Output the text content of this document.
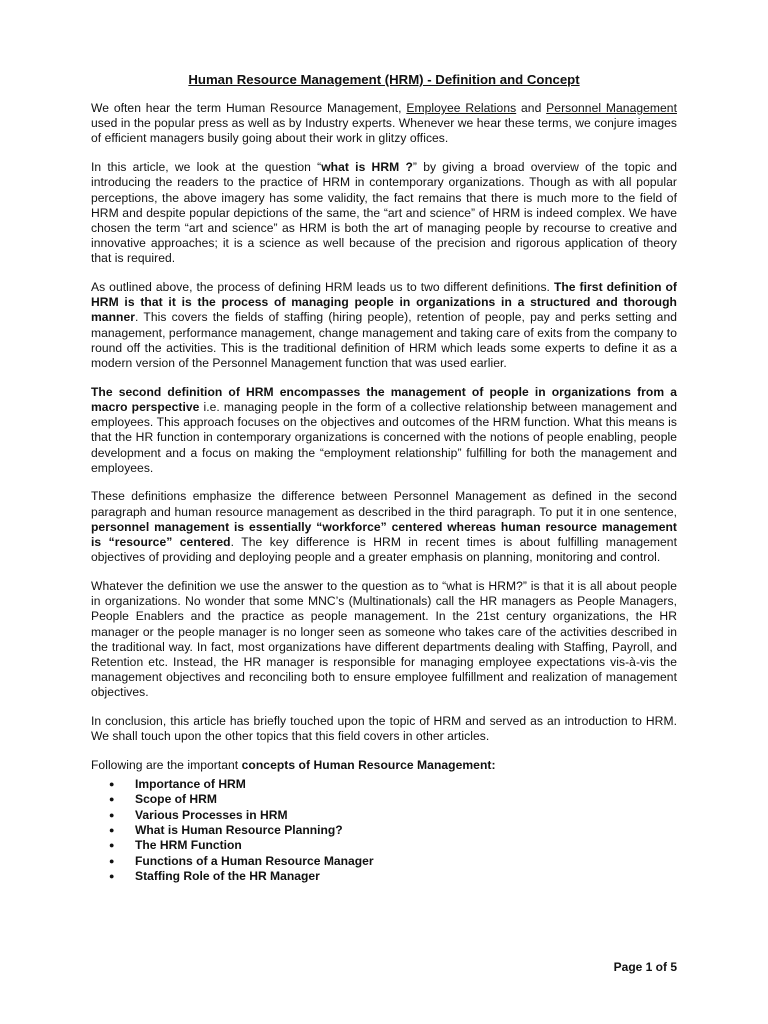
Human Resource Management (HRM) - Definition and Concept

We often hear the term Human Resource Management, Employee Relations and Personnel Management used in the popular press as well as by Industry experts. Whenever we hear these terms, we conjure images of efficient managers busily going about their work in glitzy offices.

In this article, we look at the question “what is HRM ?” by giving a broad overview of the topic and introducing the readers to the practice of HRM in contemporary organizations. Though as with all popular perceptions, the above imagery has some validity, the fact remains that there is much more to the field of HRM and despite popular depictions of the same, the “art and science” of HRM is indeed complex. We have chosen the term “art and science” as HRM is both the art of managing people by recourse to creative and innovative approaches; it is a science as well because of the precision and rigorous application of theory that is required.

As outlined above, the process of defining HRM leads us to two different definitions. The first definition of HRM is that it is the process of managing people in organizations in a structured and thorough manner. This covers the fields of staffing (hiring people), retention of people, pay and perks setting and management, performance management, change management and taking care of exits from the company to round off the activities. This is the traditional definition of HRM which leads some experts to define it as a modern version of the Personnel Management function that was used earlier.

The second definition of HRM encompasses the management of people in organizations from a macro perspective i.e. managing people in the form of a collective relationship between management and employees. This approach focuses on the objectives and outcomes of the HRM function. What this means is that the HR function in contemporary organizations is concerned with the notions of people enabling, people development and a focus on making the “employment relationship” fulfilling for both the management and employees.

These definitions emphasize the difference between Personnel Management as defined in the second paragraph and human resource management as described in the third paragraph. To put it in one sentence, personnel management is essentially “workforce” centered whereas human resource management is “resource” centered. The key difference is HRM in recent times is about fulfilling management objectives of providing and deploying people and a greater emphasis on planning, monitoring and control.

Whatever the definition we use the answer to the question as to “what is HRM?” is that it is all about people in organizations. No wonder that some MNC’s (Multinationals) call the HR managers as People Managers, People Enablers and the practice as people management. In the 21st century organizations, the HR manager or the people manager is no longer seen as someone who takes care of the activities described in the traditional way. In fact, most organizations have different departments dealing with Staffing, Payroll, and Retention etc. Instead, the HR manager is responsible for managing employee expectations vis-à-vis the management objectives and reconciling both to ensure employee fulfillment and realization of management objectives.

In conclusion, this article has briefly touched upon the topic of HRM and served as an introduction to HRM. We shall touch upon the other topics that this field covers in other articles.

Following are the important concepts of Human Resource Management:

● Importance of HRM
● Scope of HRM
● Various Processes in HRM
● What is Human Resource Planning?
● The HRM Function
● Functions of a Human Resource Manager
● Staffing Role of the HR Manager
Page 1 of 5
